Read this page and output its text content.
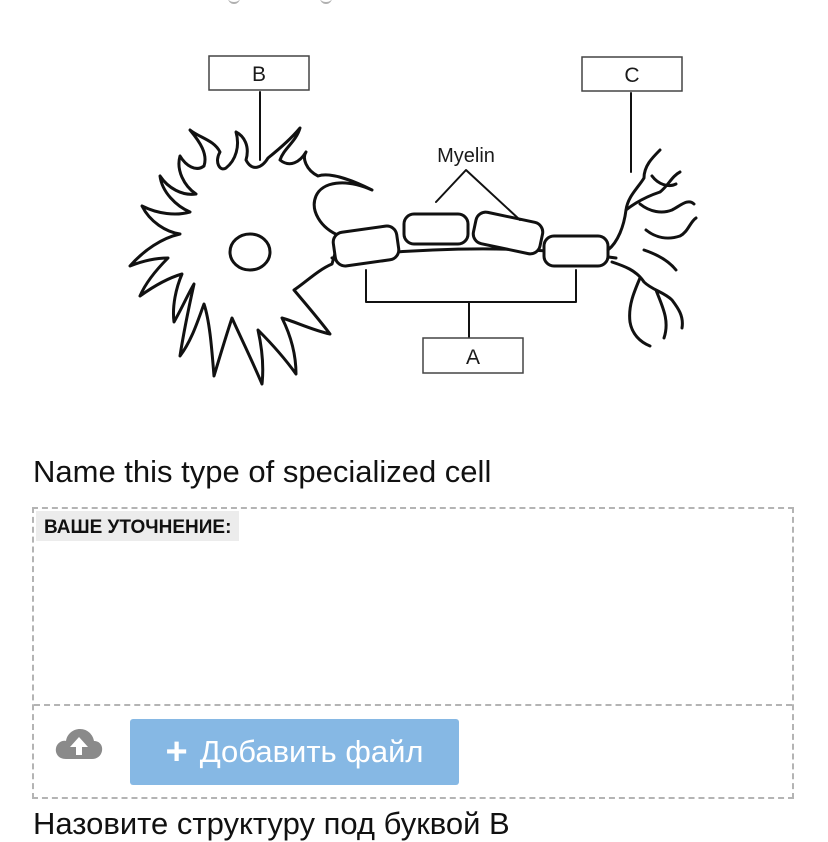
B	C
A
Myelin
Name this type of specialized cell
ВАШЕ УТОЧНЕНИЕ:
+ Добавить файл
Назовите структуру под буквой B
